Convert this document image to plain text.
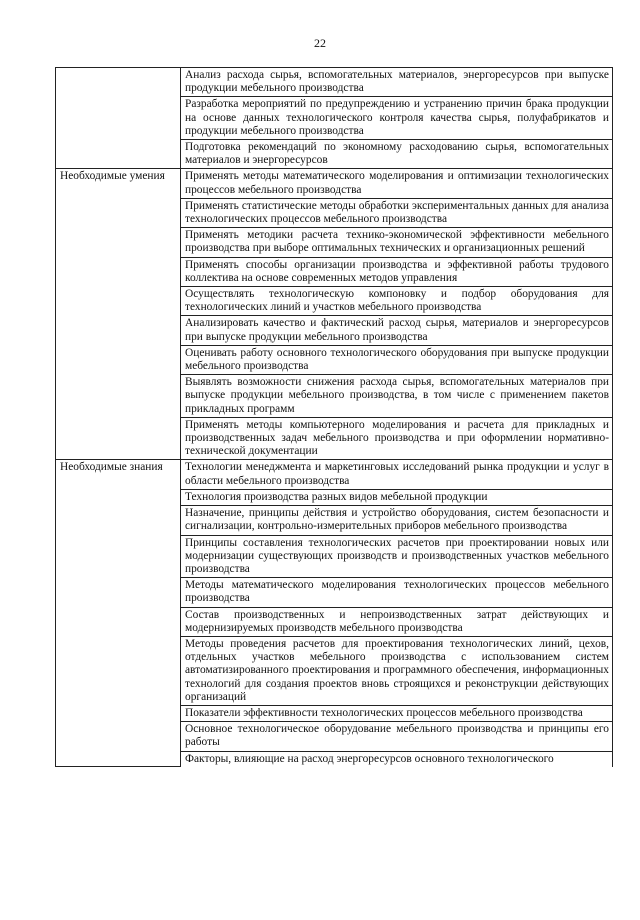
22
	Анализ расхода сырья, вспомогательных материалов, энергоресурсов при выпуске продукции мебельного производства
	Разработка мероприятий по предупреждению и устранению причин брака продукции на основе данных технологического контроля качества сырья, полуфабрикатов и продукции мебельного производства
	Подготовка рекомендаций по экономному расходованию сырья, вспомогательных материалов и энергоресурсов
Необходимые умения	Применять методы математического моделирования и оптимизации технологических процессов мебельного производства
	Применять статистические методы обработки экспериментальных данных для анализа технологических процессов мебельного производства
	Применять методики расчета технико-экономической эффективности мебельного производства при выборе оптимальных технических и организационных решений
	Применять способы организации производства и эффективной работы трудового коллектива на основе современных методов управления
	Осуществлять технологическую компоновку и подбор оборудования для технологических линий и участков мебельного производства
	Анализировать качество и фактический расход сырья, материалов и энергоресурсов при выпуске продукции мебельного производства
	Оценивать работу основного технологического оборудования при выпуске продукции мебельного производства
	Выявлять возможности снижения расхода сырья, вспомогательных материалов при выпуске продукции мебельного производства, в том числе с применением пакетов прикладных программ
	Применять методы компьютерного моделирования и расчета для прикладных и производственных задач мебельного производства и при оформлении нормативно-технической документации
Необходимые знания	Технологии менеджмента и маркетинговых исследований рынка продукции и услуг в области мебельного производства
	Технология производства разных видов мебельной продукции
	Назначение, принципы действия и устройство оборудования, систем безопасности и сигнализации, контрольно-измерительных приборов мебельного производства
	Принципы составления технологических расчетов при проектировании новых или модернизации существующих производств и производственных участков мебельного производства
	Методы математического моделирования технологических процессов мебельного производства
	Состав производственных и непроизводственных затрат действующих и модернизируемых производств мебельного производства
	Методы проведения расчетов для проектирования технологических линий, цехов, отдельных участков мебельного производства с использованием систем автоматизированного проектирования и программного обеспечения, информационных технологий для создания проектов вновь строящихся и реконструкции действующих организаций
	Показатели эффективности технологических процессов мебельного производства
	Основное технологическое оборудование мебельного производства и принципы его работы
	Факторы, влияющие на расход энергоресурсов основного технологического
